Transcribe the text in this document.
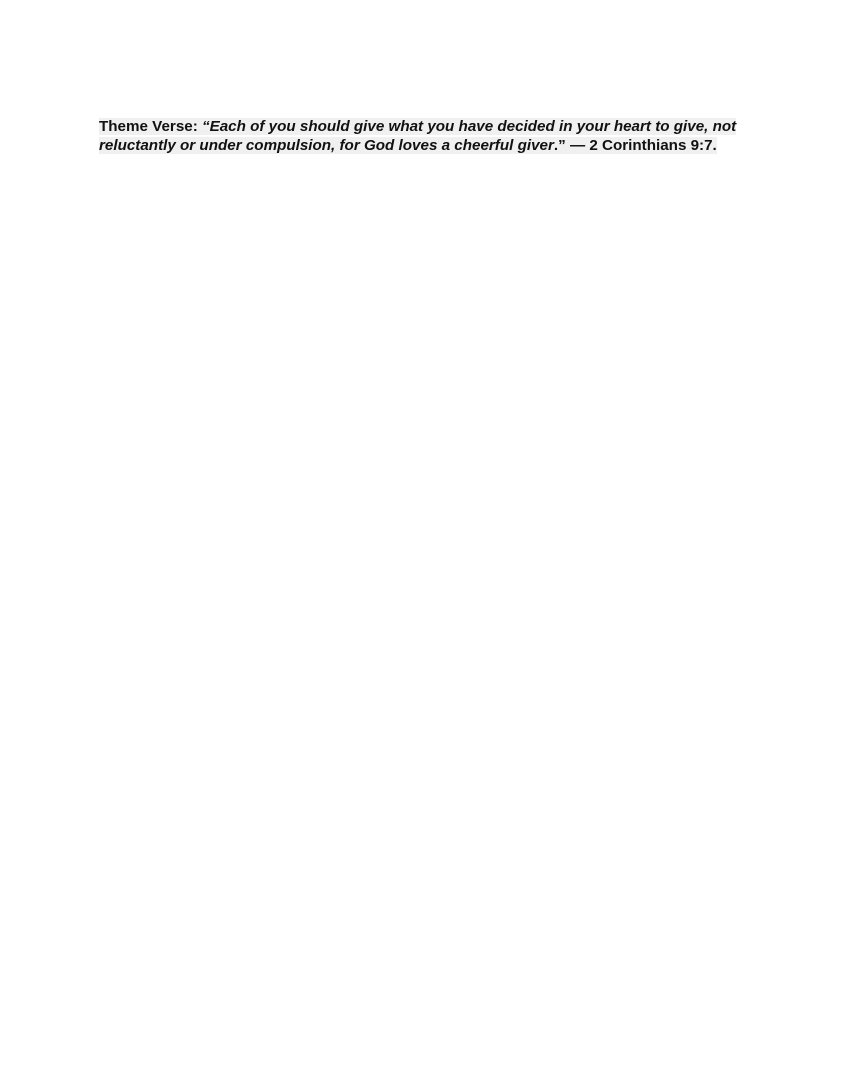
Theme Verse: “Each of you should give what you have decided in your heart to give, not reluctantly or under compulsion, for God loves a cheerful giver.” — 2 Corinthians 9:7.
